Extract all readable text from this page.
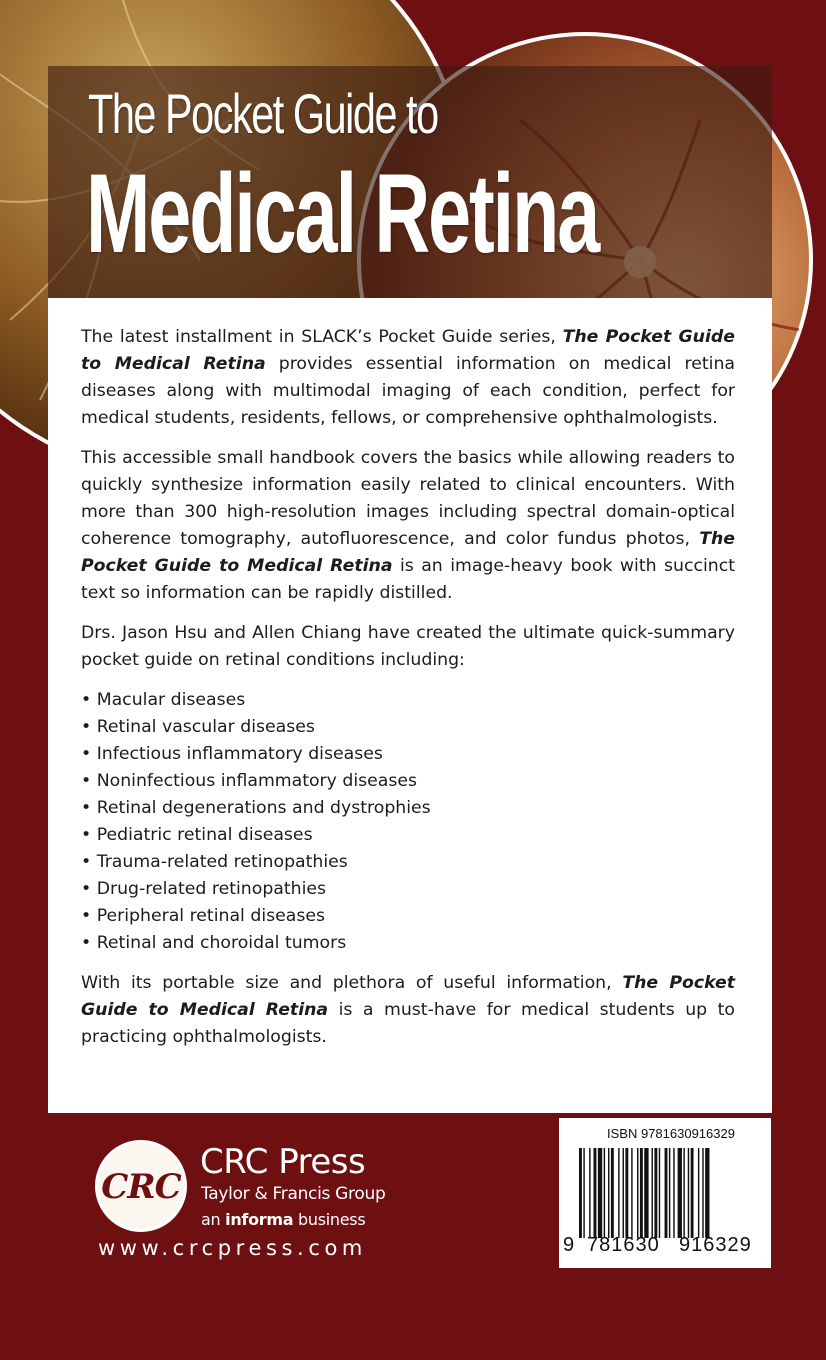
The Pocket Guide to
Medical Retina

The latest installment in SLACK’s Pocket Guide series, The Pocket Guide to Medical Retina provides essential information on medical retina diseases along with multimodal imaging of each condition, perfect for medical students, residents, fellows, or comprehensive ophthalmologists.

This accessible small handbook covers the basics while allowing readers to quickly synthesize information easily related to clinical encounters. With more than 300 high-resolution images including spectral domain-optical coherence tomography, autofluorescence, and color fundus photos, The Pocket Guide to Medical Retina is an image-heavy book with succinct text so information can be rapidly distilled.

Drs. Jason Hsu and Allen Chiang have created the ultimate quick-summary pocket guide on retinal conditions including:

• Macular diseases
• Retinal vascular diseases
• Infectious inflammatory diseases
• Noninfectious inflammatory diseases
• Retinal degenerations and dystrophies
• Pediatric retinal diseases
• Trauma-related retinopathies
• Drug-related retinopathies
• Peripheral retinal diseases
• Retinal and choroidal tumors

With its portable size and plethora of useful information, The Pocket Guide to Medical Retina is a must-have for medical students up to practicing ophthalmologists.

CRC

CRC Press

Taylor & Francis Group

an informa business

www.crcpress.com

ISBN 9781630916329

9 781630 916329
